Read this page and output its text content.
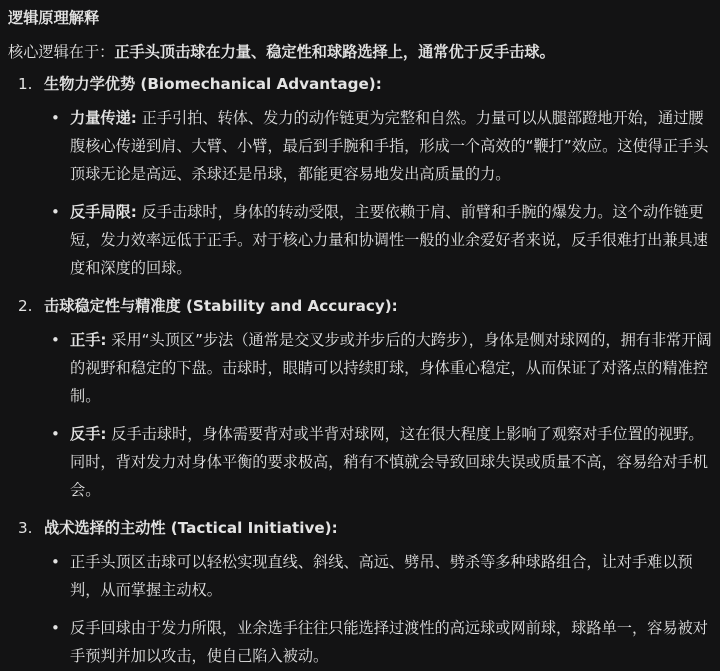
逻辑原理解释
核心逻辑在于：正手头顶击球在力量、稳定性和球路选择上，通常优于反手击球。
1. 生物力学优势 (Biomechanical Advantage):
• 力量传递: 正手引拍、转体、发力的动作链更为完整和自然。力量可以从腿部蹬地开始，通过腰腹核心传递到肩、大臂、小臂，最后到手腕和手指，形成一个高效的“鞭打”效应。这使得正手头顶球无论是高远、杀球还是吊球，都能更容易地发出高质量的力。
• 反手局限: 反手击球时，身体的转动受限，主要依赖于肩、前臂和手腕的爆发力。这个动作链更短，发力效率远低于正手。对于核心力量和协调性一般的业余爱好者来说，反手很难打出兼具速度和深度的回球。
2. 击球稳定性与精准度 (Stability and Accuracy):
• 正手: 采用“头顶区”步法（通常是交叉步或并步后的大跨步），身体是侧对球网的，拥有非常开阔的视野和稳定的下盘。击球时，眼睛可以持续盯球，身体重心稳定，从而保证了对落点的精准控制。
• 反手: 反手击球时，身体需要背对或半背对球网，这在很大程度上影响了观察对手位置的视野。同时，背对发力对身体平衡的要求极高，稍有不慎就会导致回球失误或质量不高，容易给对手机会。
3. 战术选择的主动性 (Tactical Initiative):
• 正手头顶区击球可以轻松实现直线、斜线、高远、劈吊、劈杀等多种球路组合，让对手难以预判，从而掌握主动权。
• 反手回球由于发力所限，业余选手往往只能选择过渡性的高远球或网前球，球路单一，容易被对手预判并加以攻击，使自己陷入被动。
